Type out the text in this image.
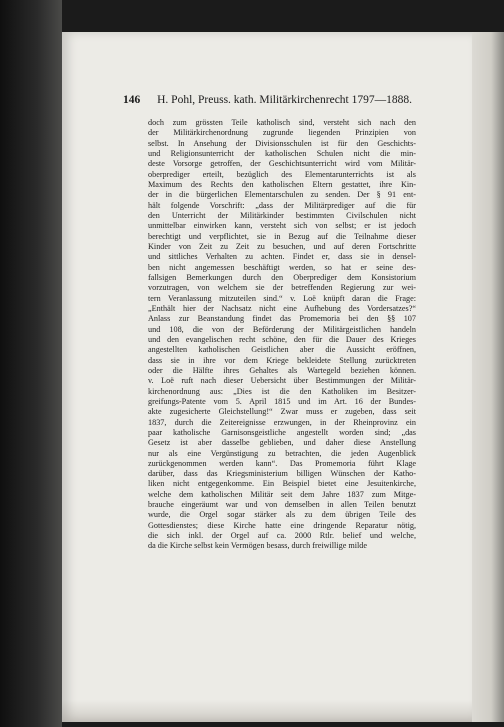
146 H. Pohl, Preuss. kath. Militärkirchenrecht 1797—1888.
doch zum grössten Teile katholisch sind, versteht sich nach den
der Militärkirchenordnung zugrunde liegenden Prinzipien von
selbst. In Ansehung der Divisionsschulen ist für den Geschichts-
und Religionsunterricht der katholischen Schulen nicht die min-
deste Vorsorge getroffen, der Geschichtsunterricht wird vom Militär-
oberprediger erteilt, bezüglich des Elementarunterrichts ist als
Maximum des Rechts den katholischen Eltern gestattet, ihre Kin-
der in die bürgerlichen Elementarschulen zu senden. Der § 91 ent-
hält folgende Vorschrift: „dass der Militärprediger auf die für
den Unterricht der Militärkinder bestimmten Civilschulen nicht
unmittelbar einwirken kann, versteht sich von selbst; er ist jedoch
berechtigt und verpflichtet, sie in Bezug auf die Teilnahme dieser
Kinder von Zeit zu Zeit zu besuchen, und auf deren Fortschritte
und sittliches Verhalten zu achten. Findet er, dass sie in densel-
ben nicht angemessen beschäftigt werden, so hat er seine des-
fallsigen Bemerkungen durch den Oberprediger dem Konsistorium
vorzutragen, von welchem sie der betreffenden Regierung zur wei-
tern Veranlassung mitzuteilen sind.“ v. Loë knüpft daran die Frage:
„Enthält hier der Nachsatz nicht eine Aufhebung des Vordersatzes?“
Anlass zur Beanstandung findet das Promemoria bei den §§ 107
und 108, die von der Beförderung der Militärgeistlichen handeln
und den evangelischen recht schöne, den für die Dauer des Krieges
angestellten katholischen Geistlichen aber die Aussicht eröffnen,
dass sie in ihre vor dem Kriege bekleidete Stellung zurücktreten
oder die Hälfte ihres Gehaltes als Wartegeld beziehen können.
v. Loë ruft nach dieser Uebersicht über Bestimmungen der Militär-
kirchenordnung aus: „Dies ist die den Katholiken im Besitzer-
greifungs-Patente vom 5. April 1815 und im Art. 16 der Bundes-
akte zugesicherte Gleichstellung!“ Zwar muss er zugeben, dass seit
1837, durch die Zeitereignisse erzwungen, in der Rheinprovinz ein
paar katholische Garnisonsgeistliche angestellt worden sind; „das
Gesetz ist aber dasselbe geblieben, und daher diese Anstellung
nur als eine Vergünstigung zu betrachten, die jeden Augenblick
zurückgenommen werden kann“. Das Promemoria führt Klage
darüber, dass das Kriegsministerium billigen Wünschen der Katho-
liken nicht entgegenkomme. Ein Beispiel bietet eine Jesuitenkirche,
welche dem katholischen Militär seit dem Jahre 1837 zum Mitge-
brauche eingeräumt war und von demselben in allen Teilen benutzt
wurde, die Orgel sogar stärker als zu dem übrigen Teile des
Gottesdienstes; diese Kirche hatte eine dringende Reparatur nötig,
die sich inkl. der Orgel auf ca. 2000 Rtlr. belief und welche,
da die Kirche selbst kein Vermögen besass, durch freiwillige milde
